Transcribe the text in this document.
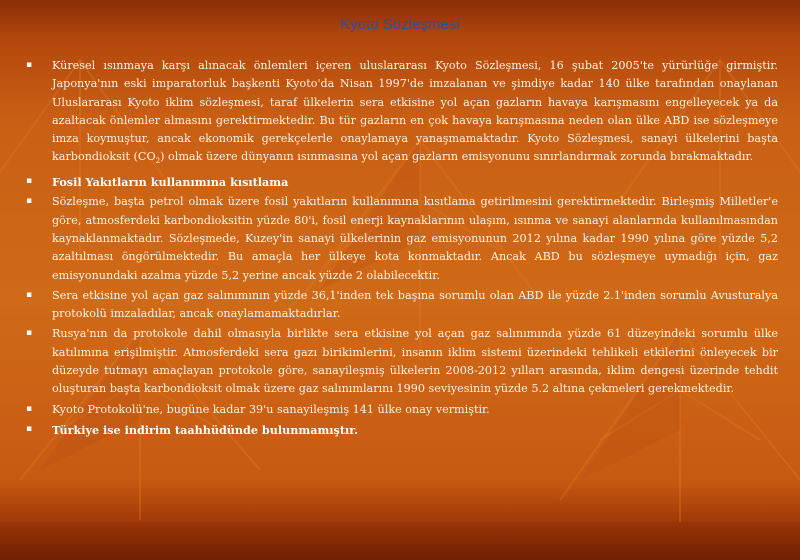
Kyoto Sözleşmesi
▪	Küresel ısınmaya karşı alınacak önlemleri içeren uluslararası Kyoto Sözleşmesi, 16 şubat 2005'te yürürlüğe girmiştir. Japonya'nın eski imparatorluk başkenti Kyoto'da Nisan 1997'de imzalanan ve şimdiye kadar 140 ülke tarafından onaylanan Uluslararası Kyoto iklim sözleşmesi, taraf ülkelerin sera etkisine yol açan gazların havaya karışmasını engelleyecek ya da azaltacak önlemler almasını gerektirmektedir. Bu tür gazların en çok havaya karışmasına neden olan ülke ABD ise sözleşmeye imza koymuştur, ancak ekonomik gerekçelerle onaylamaya yanaşmamaktadır. Kyoto Sözleşmesi, sanayi ülkelerini başta karbondioksit $(CO_2)$ olmak üzere dünyanın ısınmasına yol açan gazların emisyonunu sınırlandırmak zorunda bırakmaktadır.
▪	Fosil Yakıtların kullanımına kısıtlama
▪	Sözleşme, başta petrol olmak üzere fosil yakıtların kullanımına kısıtlama getirilmesini gerektirmektedir. Birleşmiş Milletler'e göre, atmosferdeki karbondioksitin yüzde 80'i, fosil enerji kaynaklarının ulaşım, ısınma ve sanayi alanlarında kullanılmasından kaynaklanmaktadır. Sözleşmede, Kuzey'in sanayi ülkelerinin gaz emisyonunun 2012 yılına kadar 1990 yılına göre yüzde 5,2 azaltılması öngörülmektedir. Bu amaçla her ülkeye kota konmaktadır. Ancak ABD bu sözleşmeye uymadığı için, gaz emisyonundaki azalma yüzde 5,2 yerine ancak yüzde 2 olabilecektir.
▪	Sera etkisine yol açan gaz salınımının yüzde 36,1'inden tek başına sorumlu olan ABD ile yüzde 2.1'inden sorumlu Avusturalya protokolü imzaladılar, ancak onaylamamaktadırlar.
▪	Rusya'nın da protokole dahil olmasıyla birlikte sera etkisine yol açan gaz salınımında yüzde 61 düzeyindeki sorumlu ülke katılımına erişilmiştir. Atmosferdeki sera gazı birikimlerini, insanın iklim sistemi üzerindeki tehlikeli etkilerini önleyecek bir düzeyde tutmayı amaçlayan protokole göre, sanayileşmiş ülkelerin 2008-2012 yılları arasında, iklim dengesi üzerinde tehdit oluşturan başta karbondioksit olmak üzere gaz salınımlarını 1990 seviyesinin yüzde 5.2 altına çekmeleri gerekmektedir.
▪	Kyoto Protokolü'ne, bugüne kadar 39'u sanayileşmiş 141 ülke onay vermiştir.
▪	Türkiye ise indirim taahhüdünde bulunmamıştır.
